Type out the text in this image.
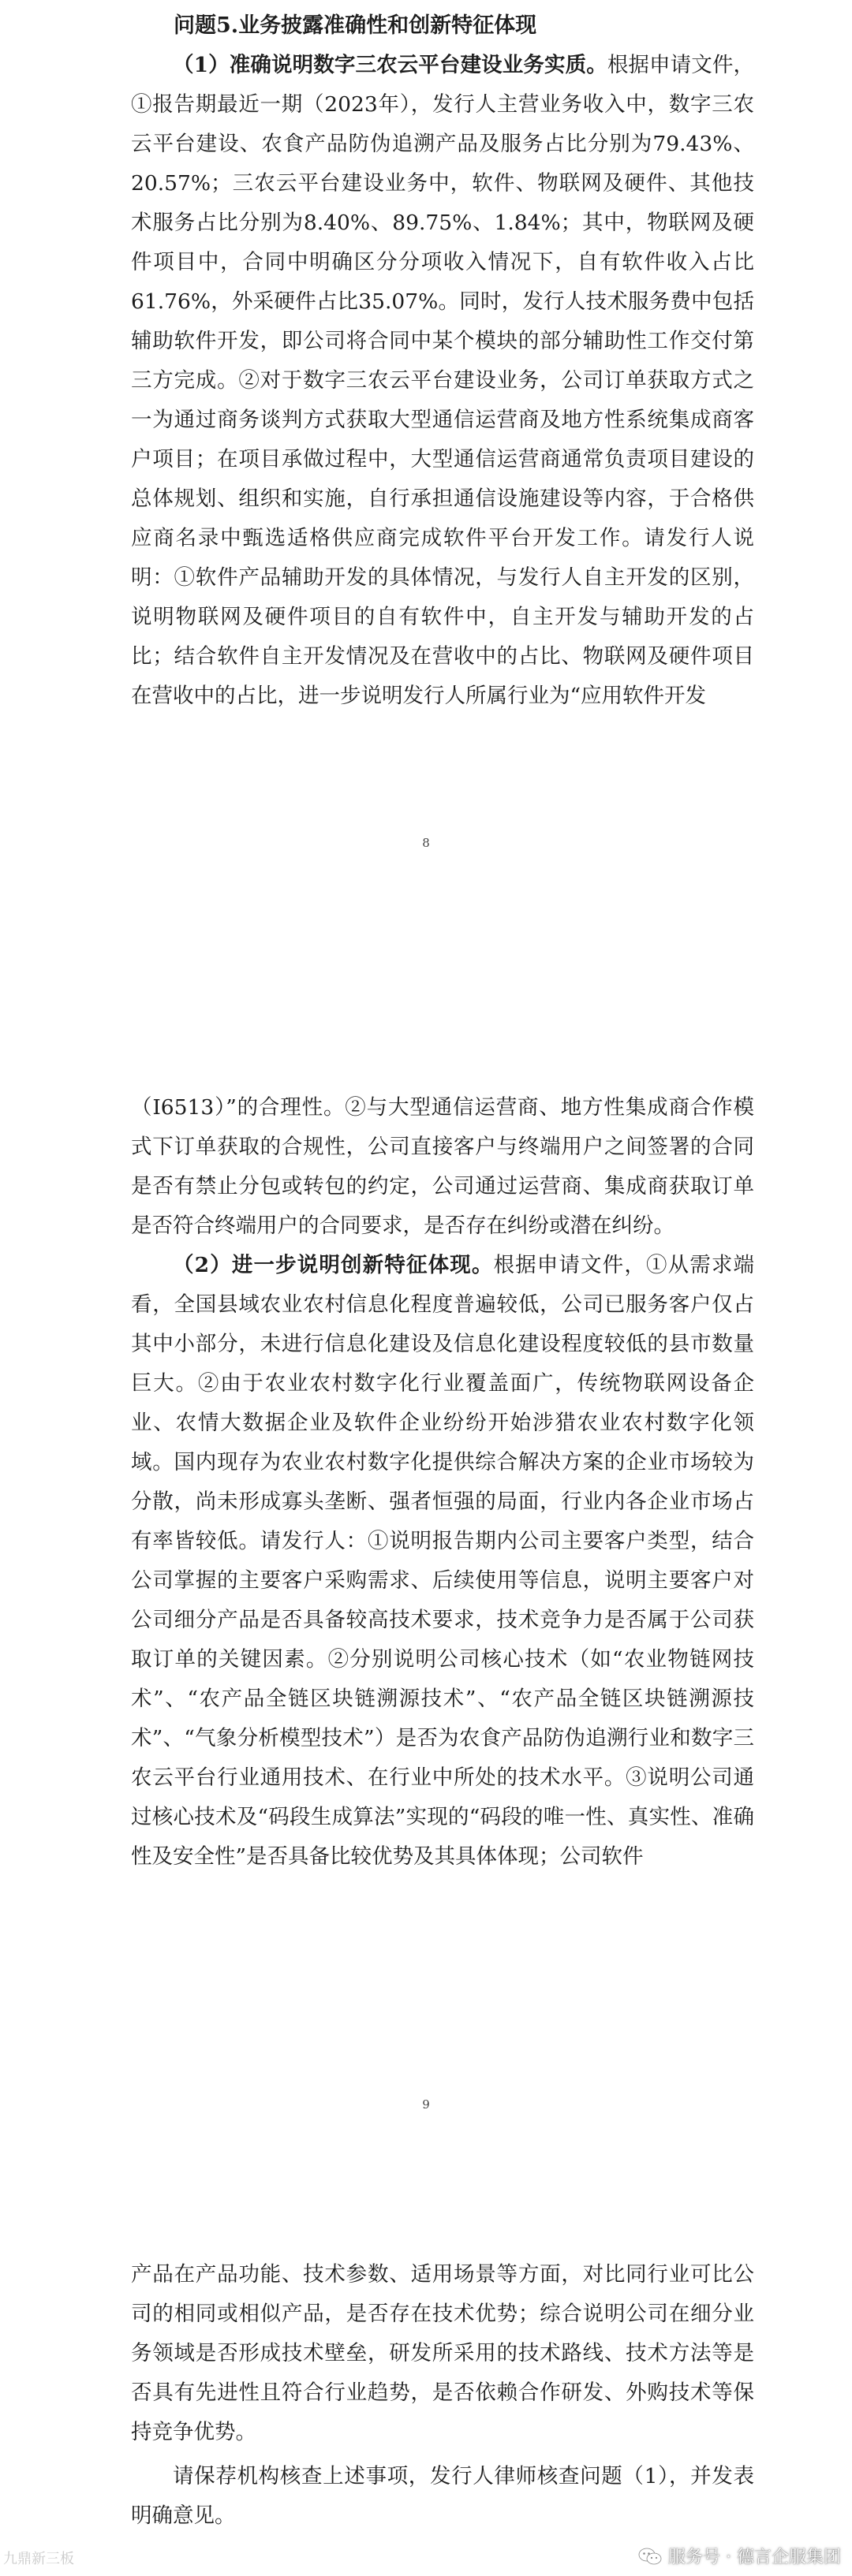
问题5.业务披露准确性和创新特征体现

（1）准确说明数字三农云平台建设业务实质。根据申请文件，①报告期最近一期（2023年），发行人主营业务收入中，数字三农云平台建设、农食产品防伪追溯产品及服务占比分别为79.43%、20.57%；三农云平台建设业务中，软件、物联网及硬件、其他技术服务占比分别为8.40%、89.75%、1.84%；其中，物联网及硬件项目中，合同中明确区分分项收入情况下，自有软件收入占比61.76%，外采硬件占比35.07%。同时，发行人技术服务费中包括辅助软件开发，即公司将合同中某个模块的部分辅助性工作交付第三方完成。②对于数字三农云平台建设业务，公司订单获取方式之一为通过商务谈判方式获取大型通信运营商及地方性系统集成商客户项目；在项目承做过程中，大型通信运营商通常负责项目建设的总体规划、组织和实施，自行承担通信设施建设等内容，于合格供应商名录中甄选适格供应商完成软件平台开发工作。请发行人说明：①软件产品辅助开发的具体情况，与发行人自主开发的区别，说明物联网及硬件项目的自有软件中，自主开发与辅助开发的占比；结合软件自主开发情况及在营收中的占比、物联网及硬件项目在营收中的占比，进一步说明发行人所属行业为“应用软件开发

8

（I6513）”的合理性。②与大型通信运营商、地方性集成商合作模式下订单获取的合规性，公司直接客户与终端用户之间签署的合同是否有禁止分包或转包的约定，公司通过运营商、集成商获取订单是否符合终端用户的合同要求，是否存在纠纷或潜在纠纷。

（2）进一步说明创新特征体现。根据申请文件，①从需求端看，全国县域农业农村信息化程度普遍较低，公司已服务客户仅占其中小部分，未进行信息化建设及信息化建设程度较低的县市数量巨大。②由于农业农村数字化行业覆盖面广，传统物联网设备企业、农情大数据企业及软件企业纷纷开始涉猎农业农村数字化领域。国内现存为农业农村数字化提供综合解决方案的企业市场较为分散，尚未形成寡头垄断、强者恒强的局面，行业内各企业市场占有率皆较低。请发行人：①说明报告期内公司主要客户类型，结合公司掌握的主要客户采购需求、后续使用等信息，说明主要客户对公司细分产品是否具备较高技术要求，技术竞争力是否属于公司获取订单的关键因素。②分别说明公司核心技术（如“农业物链网技术”、“农产品全链区块链溯源技术”、“农产品全链区块链溯源技术”、“气象分析模型技术”）是否为农食产品防伪追溯行业和数字三农云平台行业通用技术、在行业中所处的技术水平。③说明公司通过核心技术及“码段生成算法”实现的“码段的唯一性、真实性、准确性及安全性”是否具备比较优势及其具体体现；公司软件

9

产品在产品功能、技术参数、适用场景等方面，对比同行业可比公司的相同或相似产品，是否存在技术优势；综合说明公司在细分业务领域是否形成技术壁垒，研发所采用的技术路线、技术方法等是否具有先进性且符合行业趋势，是否依赖合作研发、外购技术等保持竞争优势。

请保荐机构核查上述事项，发行人律师核查问题（1），并发表明确意见。

九鼎新三板	服务号 · 德言企服集团
